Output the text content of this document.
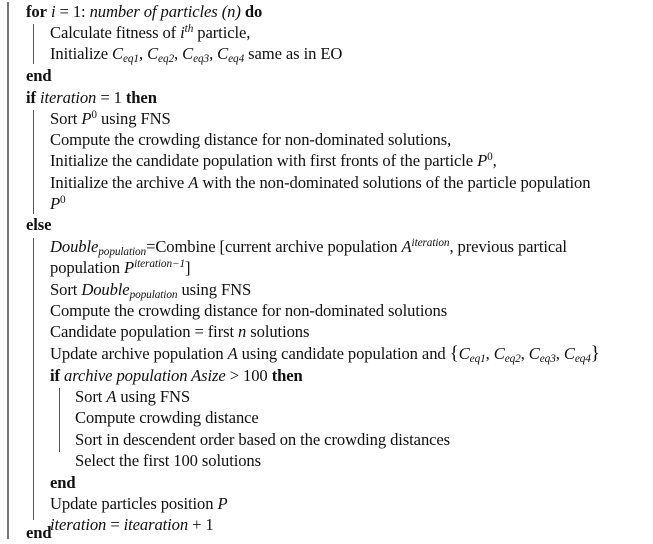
for i = 1: number of particles (n) do
Calculate fitness of $i^{th}$ particle,
Initialize $C_{eq1}$, $C_{eq2}$, $C_{eq3}$, $C_{eq4}$ same as in EO
end
if iteration = 1 then
Sort $P^0$ using FNS
Compute the crowding distance for non-dominated solutions,
Initialize the candidate population with first fronts of the particle $P^0$,
Initialize the archive A with the non-dominated solutions of the particle population
$P^0$
else
Double$_{population}$=Combine [current archive population $A^{iteration}$, previous partical
population $P^{iteration-1}$]
Sort Double$_{population}$ using FNS
Compute the crowding distance for non-dominated solutions
Candidate population = first n solutions
Update archive population A using candidate population and {$C_{eq1}$, $C_{eq2}$, $C_{eq3}$, $C_{eq4}$}
if archive population Asize > 100 then
Sort A using FNS
Compute crowding distance
Sort in descendent order based on the crowding distances
Select the first 100 solutions
end
Update particles position P
iteration = itearation + 1
end
